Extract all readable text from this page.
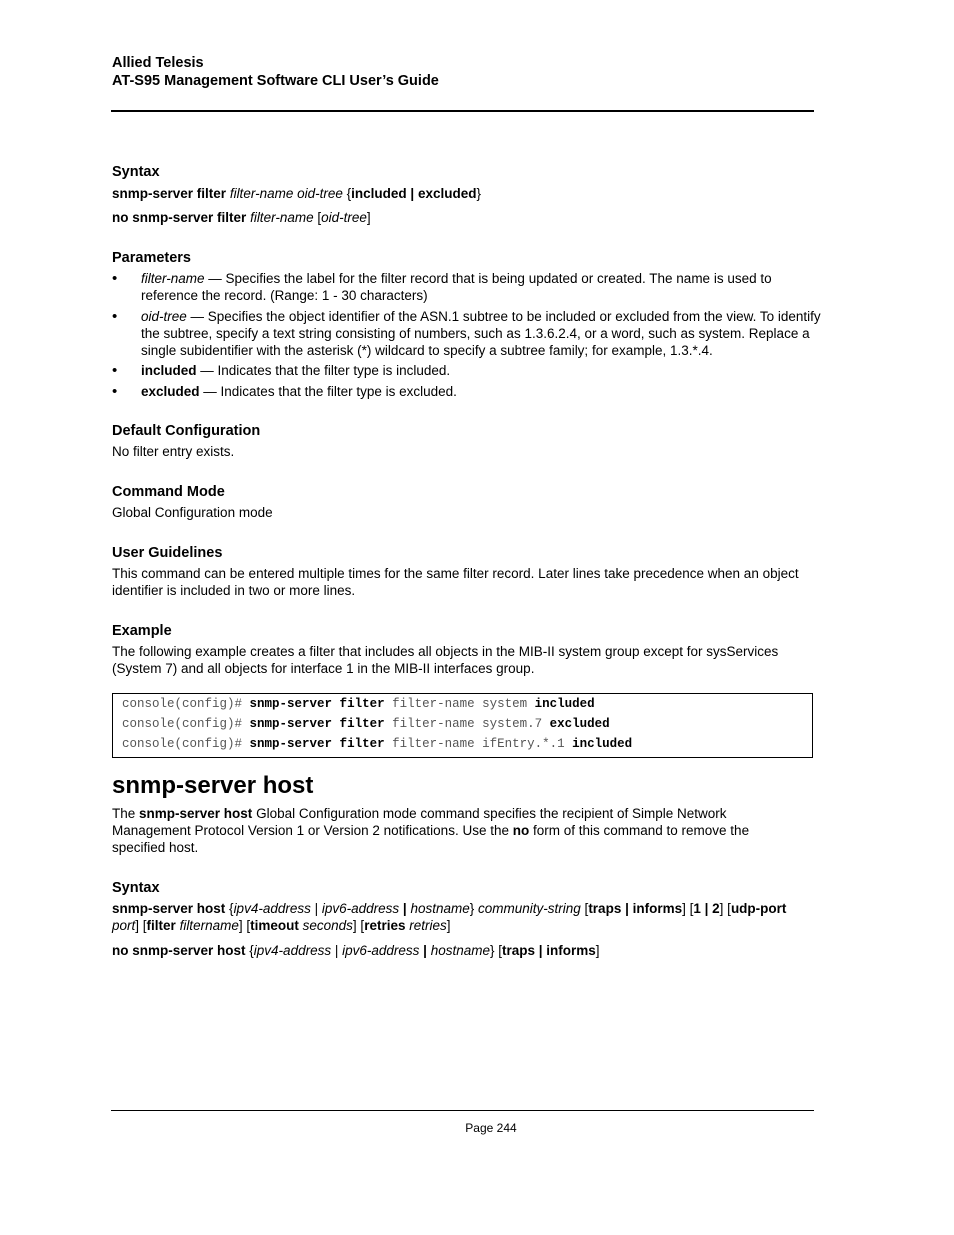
Allied Telesis
AT-S95 Management Software CLI User’s Guide
Syntax
snmp-server filter filter-name oid-tree {included | excluded}
no snmp-server filter filter-name [oid-tree]
Parameters
• filter-name — Specifies the label for the filter record that is being updated or created. The name is used to reference the record. (Range: 1 - 30 characters)
• oid-tree — Specifies the object identifier of the ASN.1 subtree to be included or excluded from the view. To identify the subtree, specify a text string consisting of numbers, such as 1.3.6.2.4, or a word, such as system. Replace a single subidentifier with the asterisk (*) wildcard to specify a subtree family; for example, 1.3.*.4.
• included — Indicates that the filter type is included.
• excluded — Indicates that the filter type is excluded.
Default Configuration
No filter entry exists.
Command Mode
Global Configuration mode
User Guidelines
This command can be entered multiple times for the same filter record. Later lines take precedence when an object identifier is included in two or more lines.
Example
The following example creates a filter that includes all objects in the MIB-II system group except for sysServices (System 7) and all objects for interface 1 in the MIB-II interfaces group.
console(config)# snmp-server filter filter-name system included
console(config)# snmp-server filter filter-name system.7 excluded
console(config)# snmp-server filter filter-name ifEntry.*.1 included
snmp-server host
The snmp-server host Global Configuration mode command specifies the recipient of Simple Network Management Protocol Version 1 or Version 2 notifications. Use the no form of this command to remove the specified host.
Syntax
snmp-server host {ipv4-address | ipv6-address | hostname} community-string [traps | informs] [1 | 2] [udp-port port] [filter filtername] [timeout seconds] [retries retries]
no snmp-server host {ipv4-address | ipv6-address | hostname} [traps | informs]
Page 244
